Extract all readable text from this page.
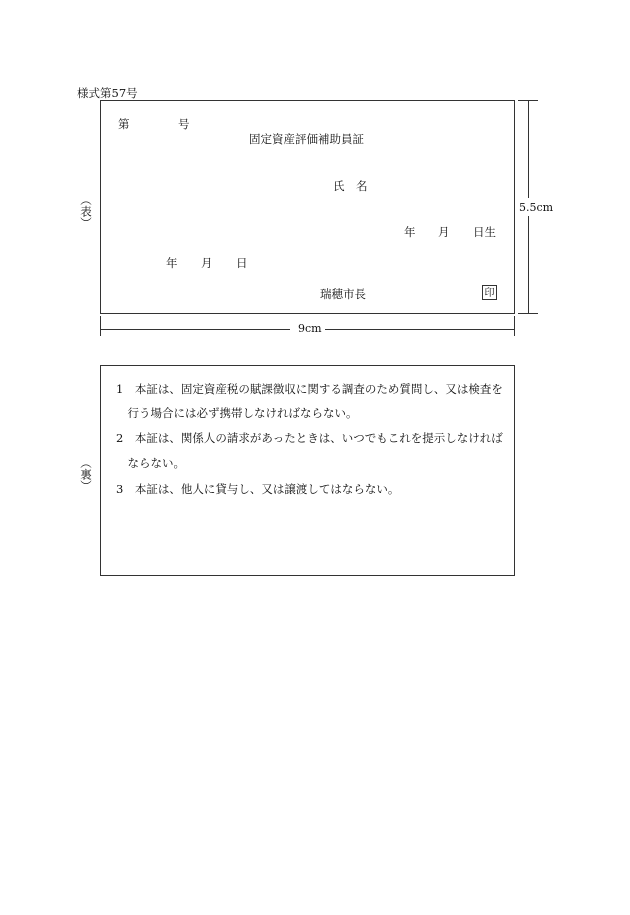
様式第57号
（表）
第	号
固定資産評価補助員証
氏　名
年 月 日生
年 月 日
瑞穂市長	印
5.5cm
9cm
（裏）
1　本証は、固定資産税の賦課徴収に関する調査のため質問し、又は検査を
　行う場合には必ず携帯しなければならない。
2　本証は、関係人の請求があったときは、いつでもこれを提示しなければ
　ならない。
3　本証は、他人に貸与し、又は譲渡してはならない。
